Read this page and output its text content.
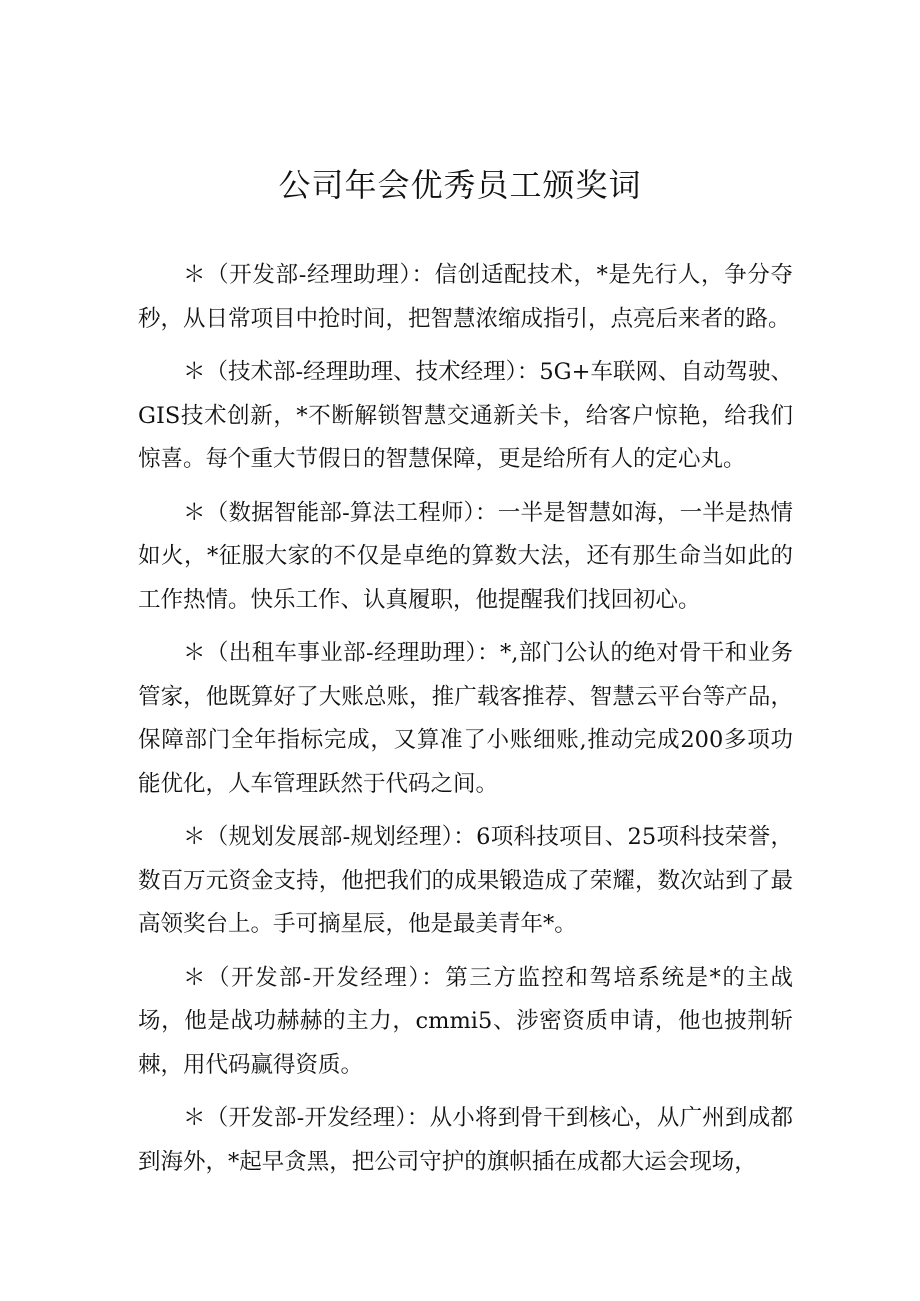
公司年会优秀员工颁奖词

＊（开发部-经理助理）：信创适配技术，*是先行人，争分夺秒，从日常项目中抢时间，把智慧浓缩成指引，点亮后来者的路。

＊（技术部-经理助理、技术经理）：5G+车联网、自动驾驶、GIS技术创新，*不断解锁智慧交通新关卡，给客户惊艳，给我们惊喜。每个重大节假日的智慧保障，更是给所有人的定心丸。

＊（数据智能部-算法工程师）：一半是智慧如海，一半是热情如火，*征服大家的不仅是卓绝的算数大法，还有那生命当如此的工作热情。快乐工作、认真履职，他提醒我们找回初心。

＊（出租车事业部-经理助理）：*,部门公认的绝对骨干和业务管家，他既算好了大账总账，推广载客推荐、智慧云平台等产品，保障部门全年指标完成，又算准了小账细账,推动完成200多项功能优化，人车管理跃然于代码之间。

＊（规划发展部-规划经理）：6项科技项目、25项科技荣誉，数百万元资金支持，他把我们的成果锻造成了荣耀，数次站到了最高领奖台上。手可摘星辰，他是最美青年*。

＊（开发部-开发经理）：第三方监控和驾培系统是*的主战场，他是战功赫赫的主力，cmmi5、涉密资质申请，他也披荆斩棘，用代码赢得资质。

＊（开发部-开发经理）：从小将到骨干到核心，从广州到成都到海外，*起早贪黑，把公司守护的旗帜插在成都大运会现场，
